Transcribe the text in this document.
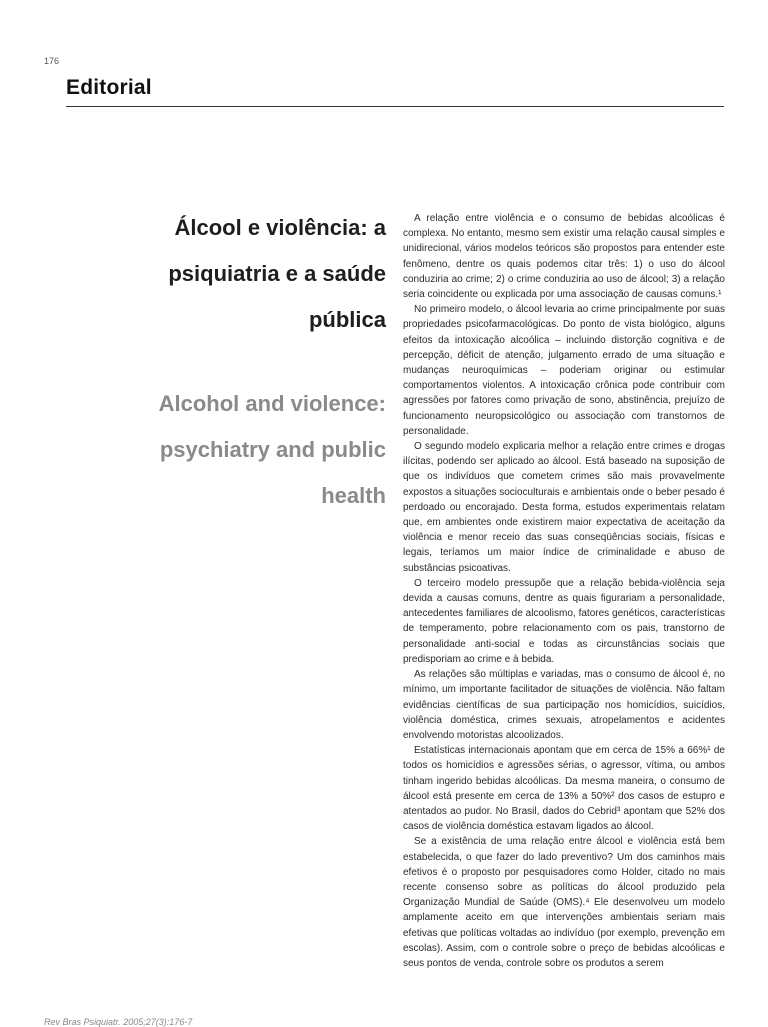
176
Editorial
Álcool e violência: a psiquiatria e a saúde pública
Alcohol and violence: psychiatry and public health

A relação entre violência e o consumo de bebidas alcoólicas é complexa. No entanto, mesmo sem existir uma relação causal simples e unidirecional, vários modelos teóricos são propostos para entender este fenômeno, dentre os quais podemos citar três: 1) o uso do álcool conduziria ao crime; 2) o crime conduziria ao uso de álcool; 3) a relação seria coincidente ou explicada por uma associação de causas comuns.¹

No primeiro modelo, o álcool levaria ao crime principalmente por suas propriedades psicofarmacológicas. Do ponto de vista biológico, alguns efeitos da intoxicação alcoólica – incluindo distorção cognitiva e de percepção, déficit de atenção, julgamento errado de uma situação e mudanças neuroquímicas – poderiam originar ou estimular comportamentos violentos. A intoxicação crônica pode contribuir com agressões por fatores como privação de sono, abstinência, prejuízo de funcionamento neuropsicológico ou associação com transtornos de personalidade.

O segundo modelo explicaria melhor a relação entre crimes e drogas ilícitas, podendo ser aplicado ao álcool. Está baseado na suposição de que os indivíduos que cometem crimes são mais provavelmente expostos a situações socioculturais e ambientais onde o beber pesado é perdoado ou encorajado. Desta forma, estudos experimentais relatam que, em ambientes onde existirem maior expectativa de aceitação da violência e menor receio das suas conseqüências sociais, físicas e legais, teríamos um maior índice de criminalidade e abuso de substâncias psicoativas.

O terceiro modelo pressupõe que a relação bebida-violência seja devida a causas comuns, dentre as quais figurariam a personalidade, antecedentes familiares de alcoolismo, fatores genéticos, características de temperamento, pobre relacionamento com os pais, transtorno de personalidade anti-social e todas as circunstâncias sociais que predisporiam ao crime e à bebida.

As relações são múltiplas e variadas, mas o consumo de álcool é, no mínimo, um importante facilitador de situações de violência. Não faltam evidências científicas de sua participação nos homicídios, suicídios, violência doméstica, crimes sexuais, atropelamentos e acidentes envolvendo motoristas alcoolizados.

Estatísticas internacionais apontam que em cerca de 15% a 66%¹ de todos os homicídios e agressões sérias, o agressor, vítima, ou ambos tinham ingerido bebidas alcoólicas. Da mesma maneira, o consumo de álcool está presente em cerca de 13% a 50%² dos casos de estupro e atentados ao pudor. No Brasil, dados do Cebrid³ apontam que 52% dos casos de violência doméstica estavam ligados ao álcool.

Se a existência de uma relação entre álcool e violência está bem estabelecida, o que fazer do lado preventivo? Um dos caminhos mais efetivos é o proposto por pesquisadores como Holder, citado no mais recente consenso sobre as políticas do álcool produzido pela Organização Mundial de Saúde (OMS).⁴ Ele desenvolveu um modelo amplamente aceito em que intervenções ambientais seriam mais efetivas que políticas voltadas ao indivíduo (por exemplo, prevenção em escolas). Assim, com o controle sobre o preço de bebidas alcoólicas e seus pontos de venda, controle sobre os produtos a serem

Rev Bras Psiquiatr. 2005;27(3):176-7
